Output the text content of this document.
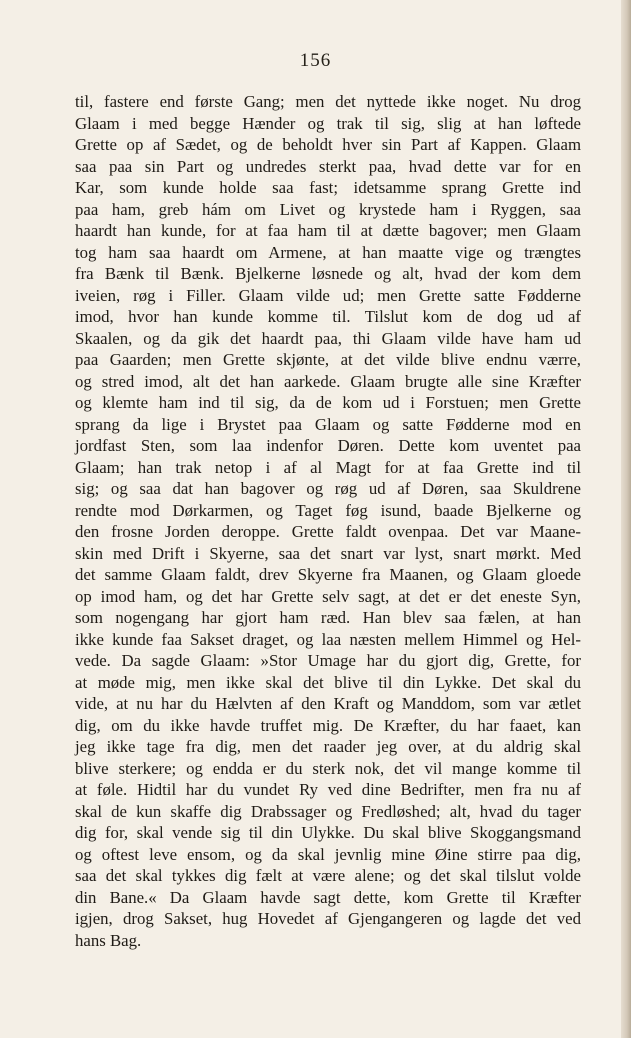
156
til, fastere end første Gang; men det nyttede ikke noget. Nu drog
Glaam i med begge Hænder og trak til sig, slig at han løftede
Grette op af Sædet, og de beholdt hver sin Part af Kappen. Glaam
saa paa sin Part og undredes sterkt paa, hvad dette var for en
Kar, som kunde holde saa fast; idetsamme sprang Grette ind
paa ham, greb hám om Livet og krystede ham i Ryggen, saa
haardt han kunde, for at faa ham til at dætte bagover; men Glaam
tog ham saa haardt om Armene, at han maatte vige og trængtes
fra Bænk til Bænk. Bjelkerne løsnede og alt, hvad der kom dem
iveien, røg i Filler. Glaam vilde ud; men Grette satte Fødderne
imod, hvor han kunde komme til. Tilslut kom de dog ud af
Skaalen, og da gik det haardt paa, thi Glaam vilde have ham ud
paa Gaarden; men Grette skjønte, at det vilde blive endnu værre,
og stred imod, alt det han aarkede. Glaam brugte alle sine Kræfter
og klemte ham ind til sig, da de kom ud i Forstuen; men Grette
sprang da lige i Brystet paa Glaam og satte Fødderne mod en
jordfast Sten, som laa indenfor Døren. Dette kom uventet paa
Glaam; han trak netop i af al Magt for at faa Grette ind til
sig; og saa dat han bagover og røg ud af Døren, saa Skuldrene
rendte mod Dørkarmen, og Taget føg isund, baade Bjelkerne og
den frosne Jorden deroppe. Grette faldt ovenpaa. Det var Maane-
skin med Drift i Skyerne, saa det snart var lyst, snart mørkt. Med
det samme Glaam faldt, drev Skyerne fra Maanen, og Glaam gloede
op imod ham, og det har Grette selv sagt, at det er det eneste Syn,
som nogengang har gjort ham ræd. Han blev saa fælen, at han
ikke kunde faa Sakset draget, og laa næsten mellem Himmel og Hel-
vede. Da sagde Glaam: »Stor Umage har du gjort dig, Grette, for
at møde mig, men ikke skal det blive til din Lykke. Det skal du
vide, at nu har du Hælvten af den Kraft og Manddom, som var ætlet
dig, om du ikke havde truffet mig. De Kræfter, du har faaet, kan
jeg ikke tage fra dig, men det raader jeg over, at du aldrig skal
blive sterkere; og endda er du sterk nok, det vil mange komme til
at føle. Hidtil har du vundet Ry ved dine Bedrifter, men fra nu af
skal de kun skaffe dig Drabssager og Fredløshed; alt, hvad du tager
dig for, skal vende sig til din Ulykke. Du skal blive Skoggangsmand
og oftest leve ensom, og da skal jevnlig mine Øine stirre paa dig,
saa det skal tykkes dig fælt at være alene; og det skal tilslut volde
din Bane.« Da Glaam havde sagt dette, kom Grette til Kræfter
igjen, drog Sakset, hug Hovedet af Gjengangeren og lagde det ved
hans Bag.
